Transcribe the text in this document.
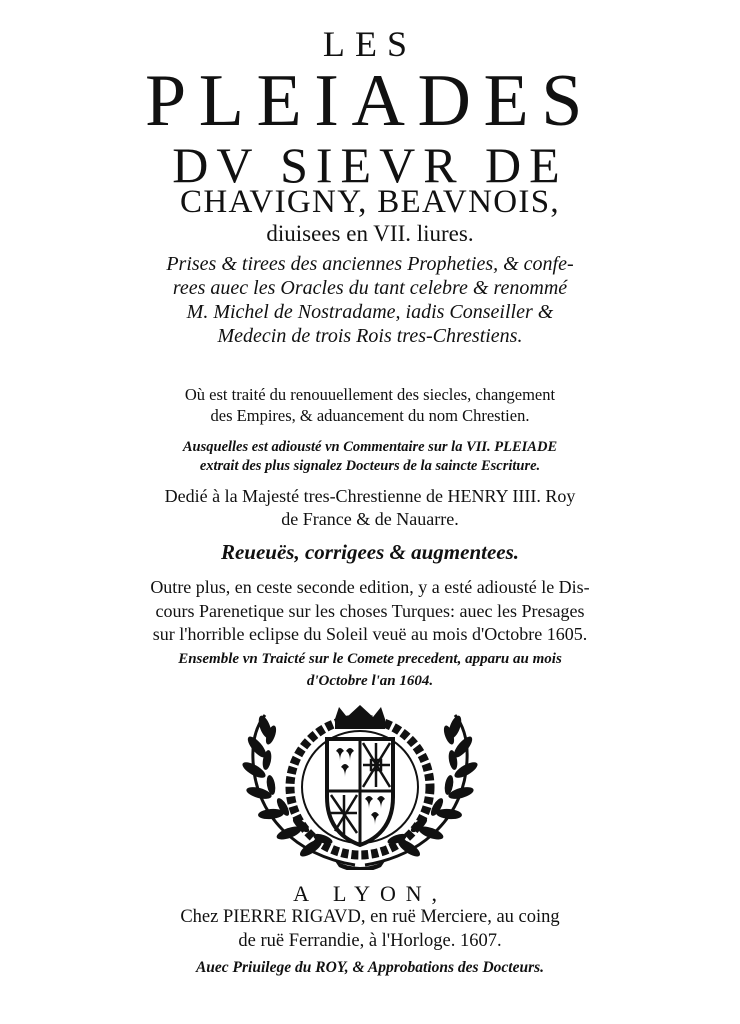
LES
PLEIADES
DV SIEVR DE
CHAVIGNY, BEAVNOIS,
diuisees en VII. liures.
Prises & tirees des anciennes Propheties, & confe-
rees auec les Oracles du tant celebre & renommé
M. Michel de Nostradame, iadis Conseiller &
Medecin de trois Rois tres-Chrestiens.
Où est traité du renouuellement des siecles, changement
des Empires, & aduancement du nom Chrestien.
Ausquelles est adiousté vn Commentaire sur la VII. PLEIADE
extrait des plus signalez Docteurs de la saincte Escriture.
Dedié à la Majesté tres-Chrestienne de HENRY IIII. Roy
de France & de Nauarre.
Reueuës, corrigees & augmentees.
Outre plus, en ceste seconde edition, y a esté adiousté le Dis-
cours Parenetique sur les choses Turques: auec les Presages
sur l'horrible eclipse du Soleil veuë au mois d'Octobre 1605.
Ensemble vn Traicté sur le Comete precedent, apparu au mois
d'Octobre l'an 1604.
A LYON,
Chez PIERRE RIGAVD, en ruë Merciere, au coing
de ruë Ferrandie, à l'Horloge. 1607.
Auec Priuilege du ROY, & Approbations des Docteurs.
